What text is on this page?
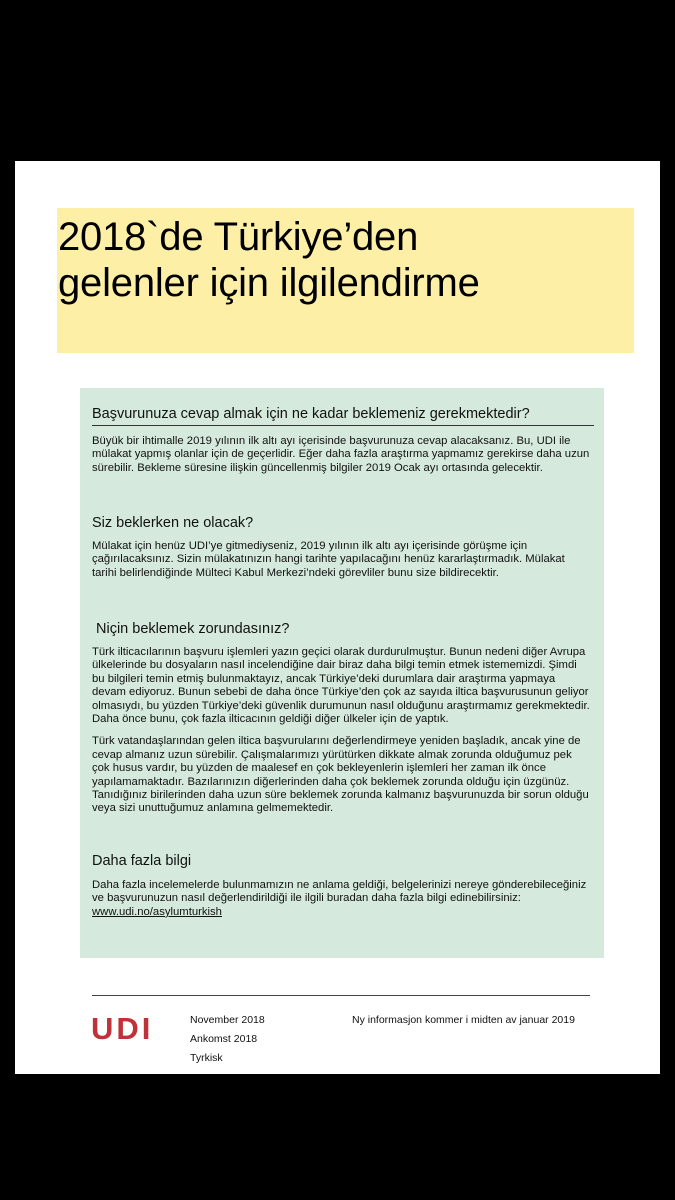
2018`de Türkiye’den
gelenler için ilgilendirme
Başvurunuza cevap almak için ne kadar beklemeniz gerekmektedir?

Büyük bir ihtimalle 2019 yılının ilk altı ayı içerisinde başvurunuza cevap alacaksanız. Bu, UDI ile mülakat yapmış olanlar için de geçerlidir. Eğer daha fazla araştırma yapmamız gerekirse daha uzun sürebilir. Bekleme süresine ilişkin güncellenmiş bilgiler 2019 Ocak ayı ortasında gelecektir.

Siz beklerken ne olacak?

Mülakat için henüz UDI’ye gitmediyseniz, 2019 yılının ilk altı ayı içerisinde görüşme için çağırılacaksınız. Sizin mülakatınızın hangi tarihte yapılacağını henüz kararlaştırmadık. Mülakat tarihi belirlendiğinde Mülteci Kabul Merkezi’ndeki görevliler bunu size bildirecektir.

Niçin beklemek zorundasınız?

Türk ilticacılarının başvuru işlemleri yazın geçici olarak durdurulmuştur. Bunun nedeni diğer Avrupa ülkelerinde bu dosyaların nasıl incelendiğine dair biraz daha bilgi temin etmek istememizdi. Şimdi bu bilgileri temin etmiş bulunmaktayız, ancak Türkiye’deki durumlara dair araştırma yapmaya devam ediyoruz. Bunun sebebi de daha önce Türkiye’den çok az sayıda iltica başvurusunun geliyor olmasıydı, bu yüzden Türkiye’deki güvenlik durumunun nasıl olduğunu araştırmamız gerekmektedir. Daha önce bunu, çok fazla ilticacının geldiği diğer ülkeler için de yaptık.

Türk vatandaşlarından gelen iltica başvurularını değerlendirmeye yeniden başladık, ancak yine de cevap almanız uzun sürebilir. Çalışmalarımızı yürütürken dikkate almak zorunda olduğumuz pek çok husus vardır, bu yüzden de maalesef en çok bekleyenlerin işlemleri her zaman ilk önce yapılamamaktadır. Bazılarınızın diğerlerinden daha çok beklemek zorunda olduğu için üzgünüz. Tanıdığınız birilerinden daha uzun süre beklemek zorunda kalmanız başvurunuzda bir sorun olduğu veya sizi unuttuğumuz anlamına gelmemektedir.

Daha fazla bilgi

Daha fazla incelemelerde bulunmamızın ne anlama geldiği, belgelerinizi nereye gönderebileceğiniz ve başvurunuzun nasıl değerlendirildiği ile ilgili buradan daha fazla bilgi edinebilirsiniz: www.udi.no/asylumturkish

UDI	November 2018
Ankomst 2018
Tyrkisk
Ny informasjon kommer i midten av januar 2019
